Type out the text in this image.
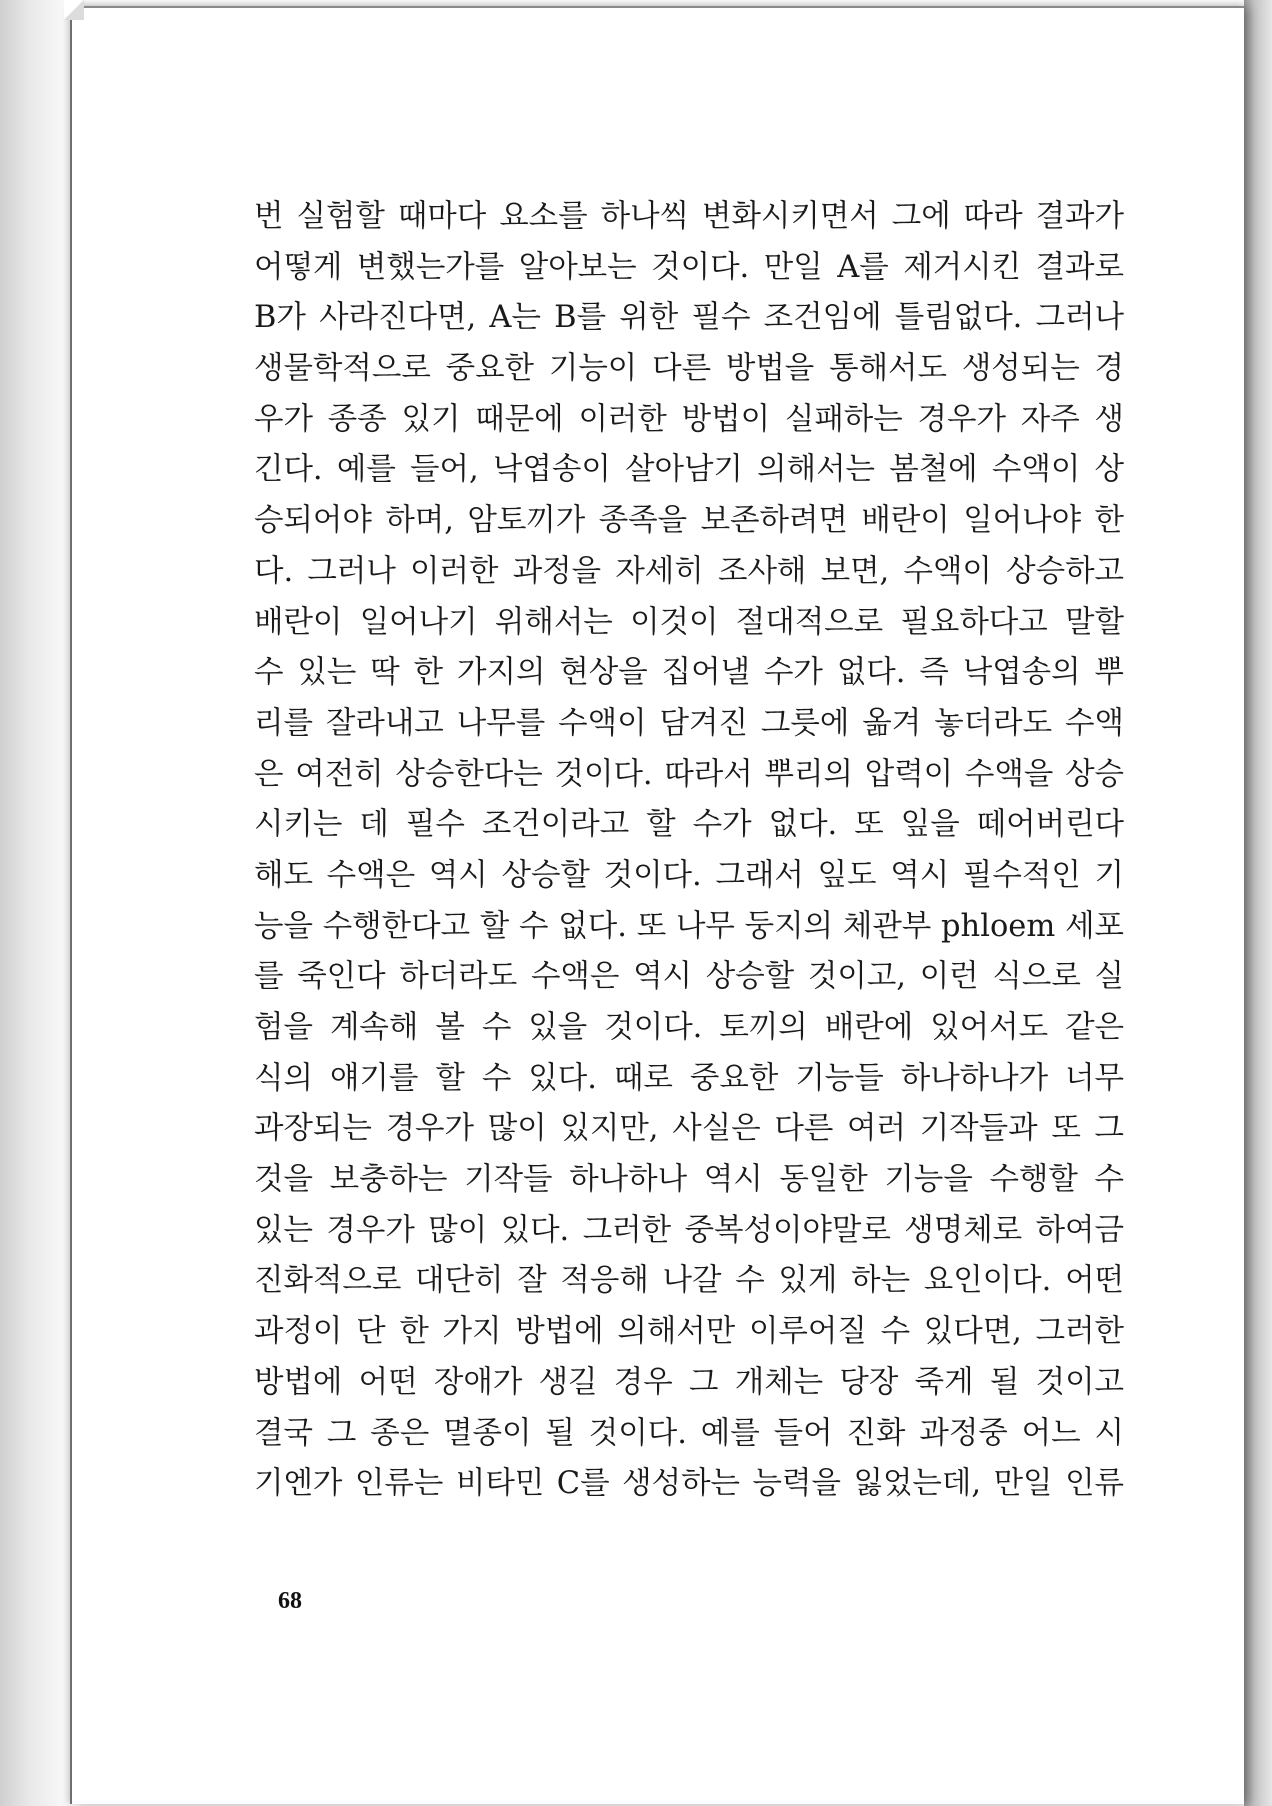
번 실험할 때마다 요소를 하나씩 변화시키면서 그에 따라 결과가
어떻게 변했는가를 알아보는 것이다. 만일 A를 제거시킨 결과로
B가 사라진다면, A는 B를 위한 필수 조건임에 틀림없다. 그러나
생물학적으로 중요한 기능이 다른 방법을 통해서도 생성되는 경
우가 종종 있기 때문에 이러한 방법이 실패하는 경우가 자주 생
긴다. 예를 들어, 낙엽송이 살아남기 의해서는 봄철에 수액이 상
승되어야 하며, 암토끼가 종족을 보존하려면 배란이 일어나야 한
다. 그러나 이러한 과정을 자세히 조사해 보면, 수액이 상승하고
배란이 일어나기 위해서는 이것이 절대적으로 필요하다고 말할
수 있는 딱 한 가지의 현상을 집어낼 수가 없다. 즉 낙엽송의 뿌
리를 잘라내고 나무를 수액이 담겨진 그릇에 옮겨 놓더라도 수액
은 여전히 상승한다는 것이다. 따라서 뿌리의 압력이 수액을 상승
시키는 데 필수 조건이라고 할 수가 없다. 또 잎을 떼어버린다
해도 수액은 역시 상승할 것이다. 그래서 잎도 역시 필수적인 기
능을 수행한다고 할 수 없다. 또 나무 둥지의 체관부 phloem 세포
를 죽인다 하더라도 수액은 역시 상승할 것이고, 이런 식으로 실
험을 계속해 볼 수 있을 것이다. 토끼의 배란에 있어서도 같은
식의 얘기를 할 수 있다. 때로 중요한 기능들 하나하나가 너무
과장되는 경우가 많이 있지만, 사실은 다른 여러 기작들과 또 그
것을 보충하는 기작들 하나하나 역시 동일한 기능을 수행할 수
있는 경우가 많이 있다. 그러한 중복성이야말로 생명체로 하여금
진화적으로 대단히 잘 적응해 나갈 수 있게 하는 요인이다. 어떤
과정이 단 한 가지 방법에 의해서만 이루어질 수 있다면, 그러한
방법에 어떤 장애가 생길 경우 그 개체는 당장 죽게 될 것이고
결국 그 종은 멸종이 될 것이다. 예를 들어 진화 과정중 어느 시
기엔가 인류는 비타민 C를 생성하는 능력을 잃었는데, 만일 인류
68
